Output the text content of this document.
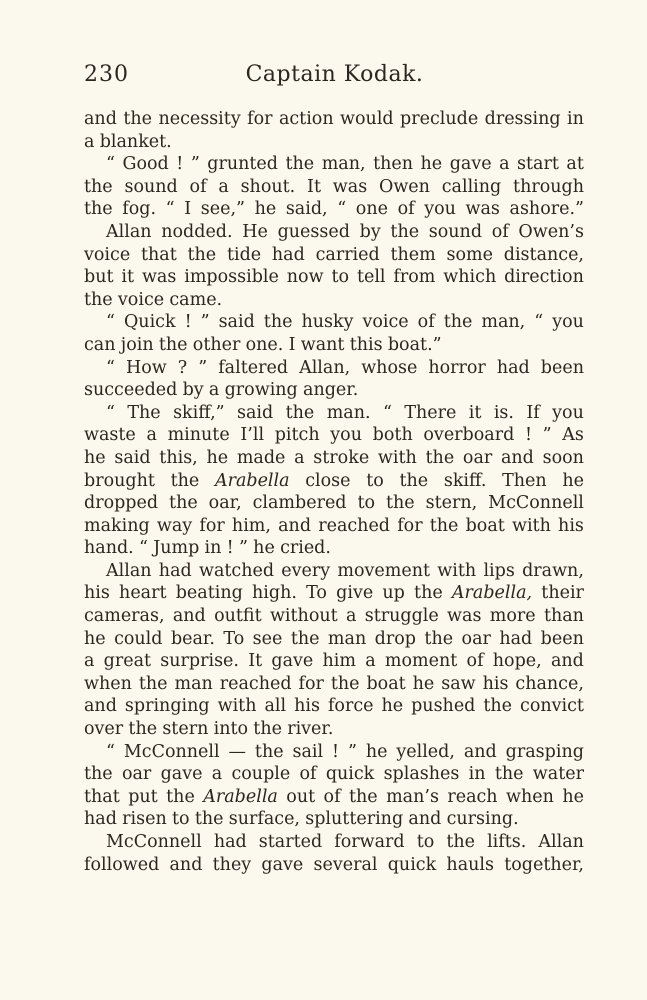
230	Captain Kodak.
and the necessity for action would preclude dressing in
a blanket.
“ Good ! ” grunted the man, then he gave a start at
the sound of a shout. It was Owen calling through
the fog. “ I see,” he said, “ one of you was ashore.”
Allan nodded. He guessed by the sound of Owen’s
voice that the tide had carried them some distance,
but it was impossible now to tell from which direction
the voice came.
“ Quick ! ” said the husky voice of the man, “ you
can join the other one. I want this boat.”
“ How ? ” faltered Allan, whose horror had been
succeeded by a growing anger.
“ The skiff,” said the man. “ There it is. If you
waste a minute I’ll pitch you both overboard ! ” As
he said this, he made a stroke with the oar and soon
brought the Arabella close to the skiff. Then he
dropped the oar, clambered to the stern, McConnell
making way for him, and reached for the boat with his
hand. “ Jump in ! ” he cried.
Allan had watched every movement with lips drawn,
his heart beating high. To give up the Arabella, their
cameras, and outfit without a struggle was more than
he could bear. To see the man drop the oar had been
a great surprise. It gave him a moment of hope, and
when the man reached for the boat he saw his chance,
and springing with all his force he pushed the convict
over the stern into the river.
“ McConnell — the sail ! ” he yelled, and grasping
the oar gave a couple of quick splashes in the water
that put the Arabella out of the man’s reach when he
had risen to the surface, spluttering and cursing.
McConnell had started forward to the lifts. Allan
followed and they gave several quick hauls together,
